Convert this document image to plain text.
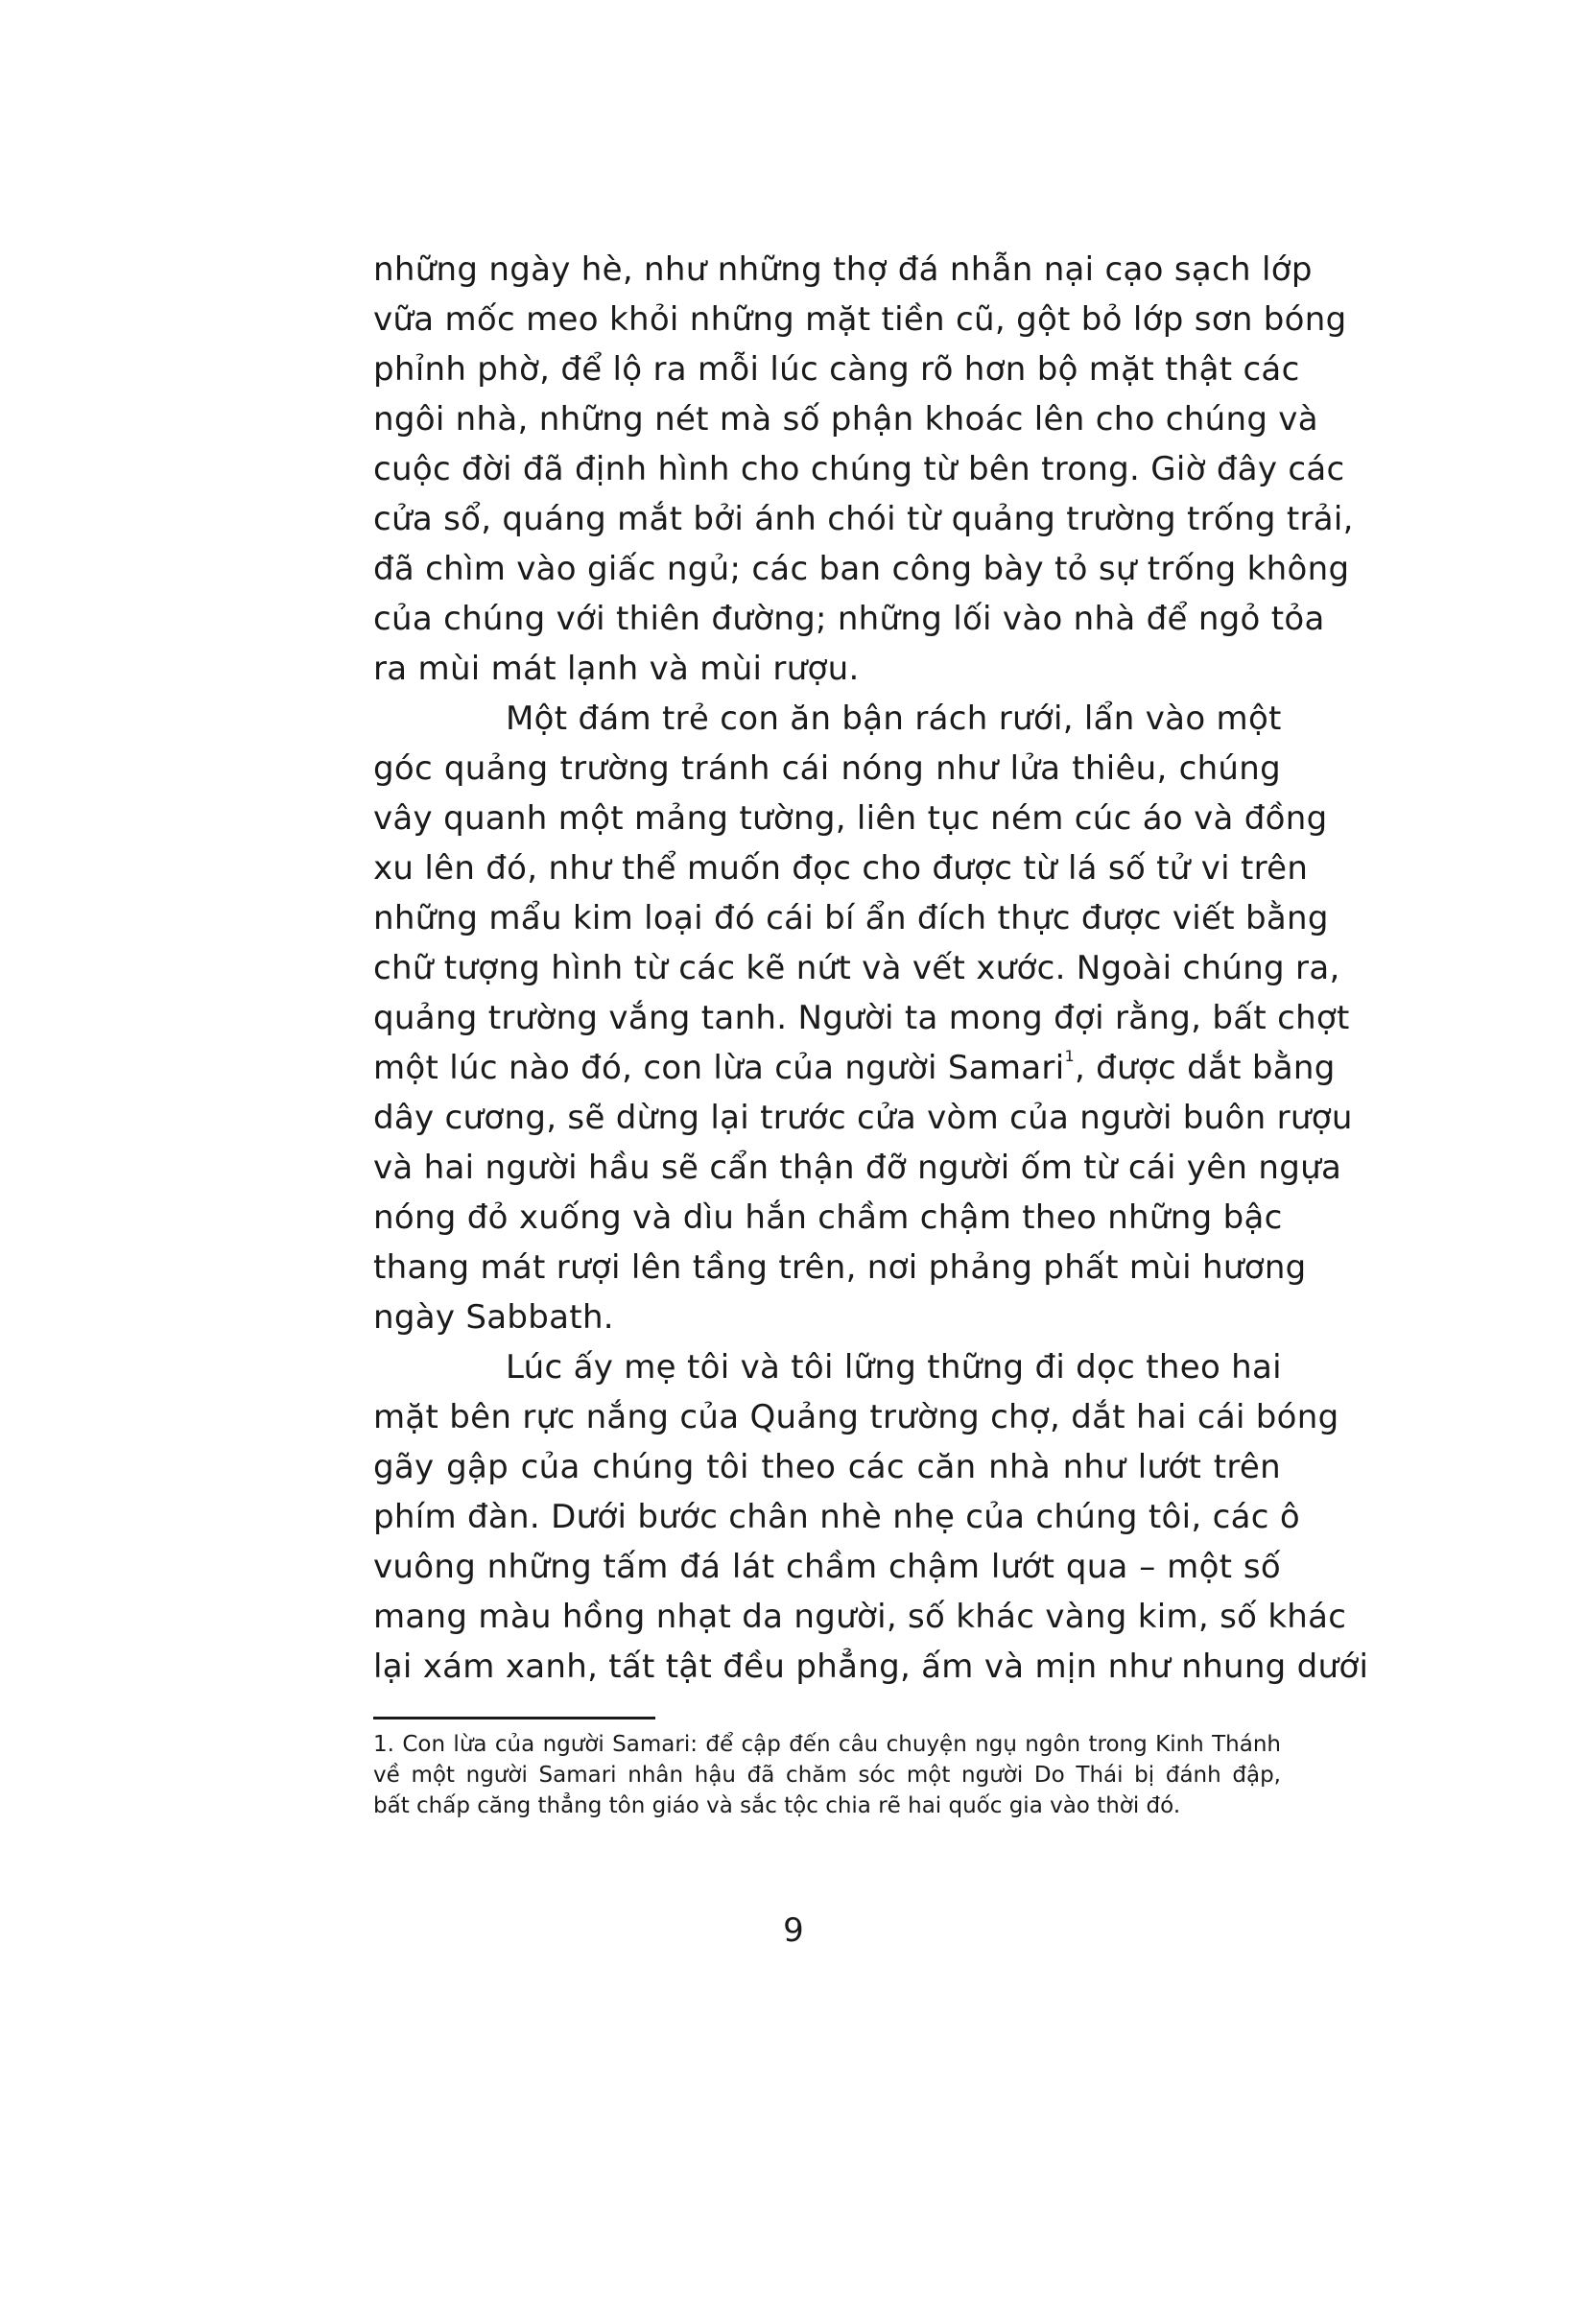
những ngày hè, như những thợ đá nhẫn nại cạo sạch lớp
vữa mốc meo khỏi những mặt tiền cũ, gột bỏ lớp sơn bóng
phỉnh phờ, để lộ ra mỗi lúc càng rõ hơn bộ mặt thật các
ngôi nhà, những nét mà số phận khoác lên cho chúng và
cuộc đời đã định hình cho chúng từ bên trong. Giờ đây các
cửa sổ, quáng mắt bởi ánh chói từ quảng trường trống trải,
đã chìm vào giấc ngủ; các ban công bày tỏ sự trống không
của chúng với thiên đường; những lối vào nhà để ngỏ tỏa
ra mùi mát lạnh và mùi rượu.
Một đám trẻ con ăn bận rách rưới, lẩn vào một
góc quảng trường tránh cái nóng như lửa thiêu, chúng
vây quanh một mảng tường, liên tục ném cúc áo và đồng
xu lên đó, như thể muốn đọc cho được từ lá số tử vi trên
những mẩu kim loại đó cái bí ẩn đích thực được viết bằng
chữ tượng hình từ các kẽ nứt và vết xước. Ngoài chúng ra,
quảng trường vắng tanh. Người ta mong đợi rằng, bất chợt
một lúc nào đó, con lừa của người Samari$^1$, được dắt bằng
dây cương, sẽ dừng lại trước cửa vòm của người buôn rượu
và hai người hầu sẽ cẩn thận đỡ người ốm từ cái yên ngựa
nóng đỏ xuống và dìu hắn chầm chậm theo những bậc
thang mát rượi lên tầng trên, nơi phảng phất mùi hương
ngày Sabbath.
Lúc ấy mẹ tôi và tôi lững thững đi dọc theo hai
mặt bên rực nắng của Quảng trường chợ, dắt hai cái bóng
gãy gập của chúng tôi theo các căn nhà như lướt trên
phím đàn. Dưới bước chân nhè nhẹ của chúng tôi, các ô
vuông những tấm đá lát chầm chậm lướt qua – một số
mang màu hồng nhạt da người, số khác vàng kim, số khác
lại xám xanh, tất tật đều phẳng, ấm và mịn như nhung dưới
1. Con lừa của người Samari: để cập đến câu chuyện ngụ ngôn trong Kinh Thánh
về một người Samari nhân hậu đã chăm sóc một người Do Thái bị đánh đập,
bất chấp căng thẳng tôn giáo và sắc tộc chia rẽ hai quốc gia vào thời đó.
9
